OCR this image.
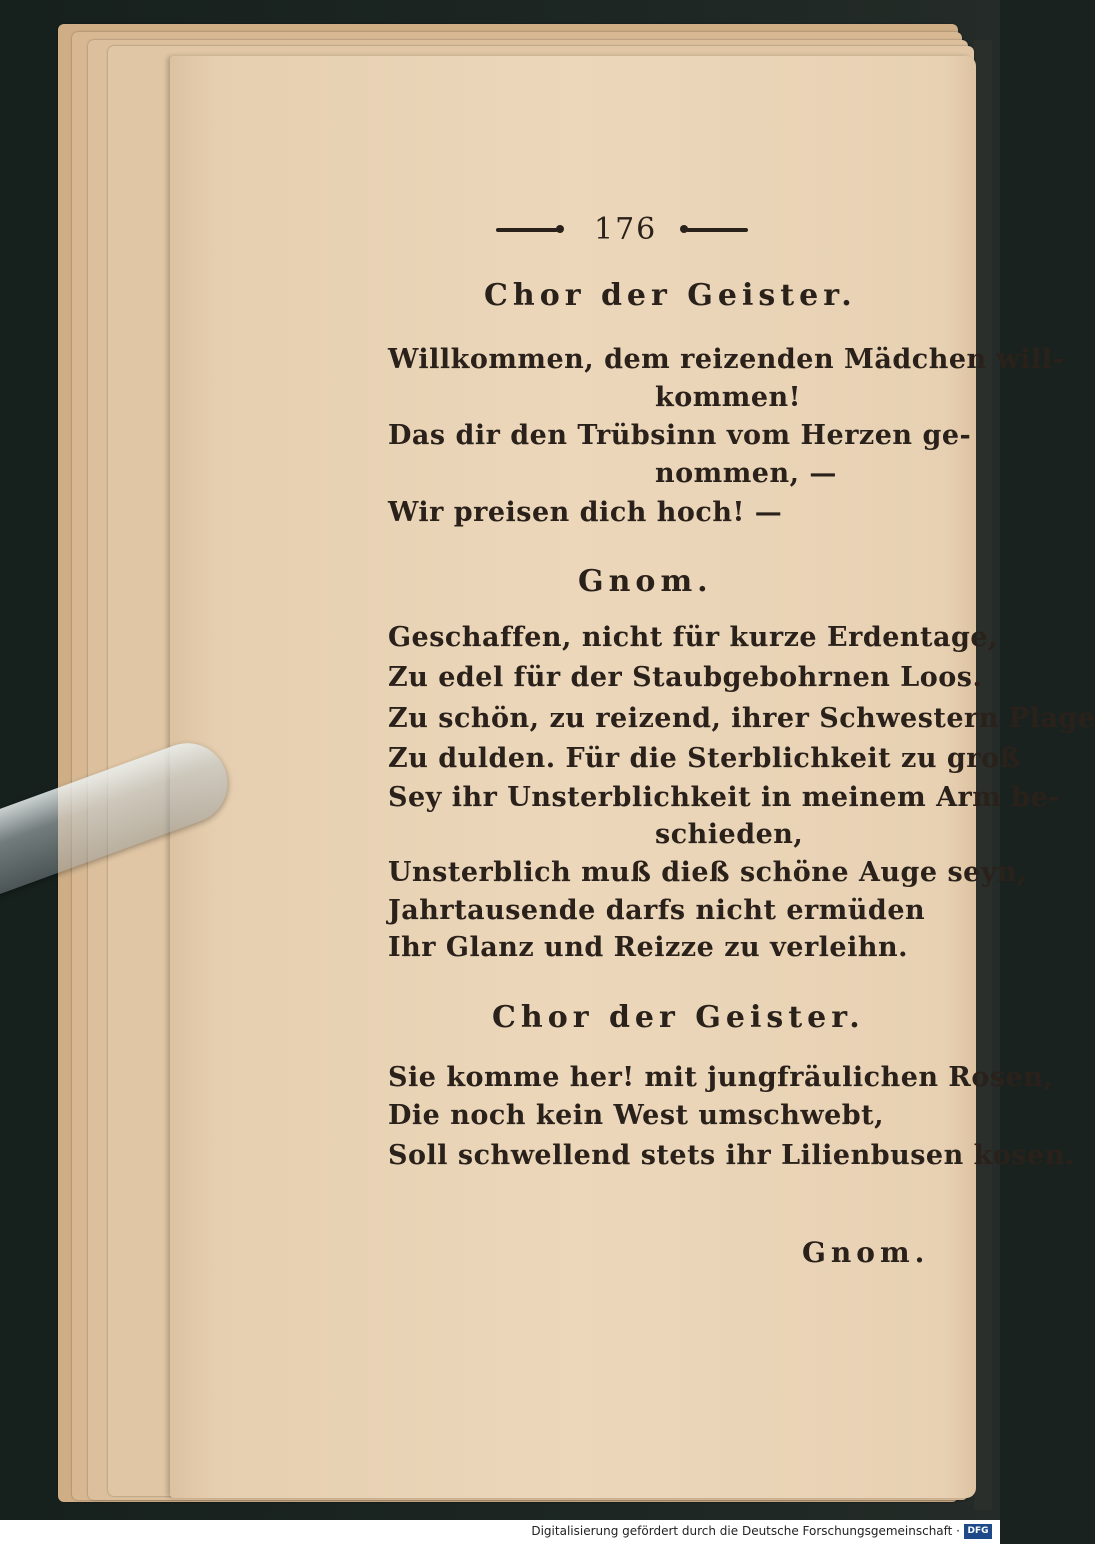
176
Chor der Geister.
Willkommen, dem reizenden Mädchen will-
kommen!
Das dir den Trübsinn vom Herzen ge-
nommen, —
Wir preisen dich hoch! —
Gnom.
Geschaffen, nicht für kurze Erdentage,
Zu edel für der Staubgebohrnen Loos.
Zu schön, zu reizend, ihrer Schwestern Plage
Zu dulden. Für die Sterblichkeit zu groß
Sey ihr Unsterblichkeit in meinem Arm be-
schieden,
Unsterblich muß dieß schöne Auge seyn,
Jahrtausende darfs nicht ermüden
Ihr Glanz und Reizze zu verleihn.
Chor der Geister.
Sie komme her! mit jungfräulichen Rosen,
Die noch kein West umschwebt,
Soll schwellend stets ihr Lilienbusen kosen.
Gnom.
Digitalisierung gefördert durch die Deutsche Forschungsgemeinschaft · DFG
